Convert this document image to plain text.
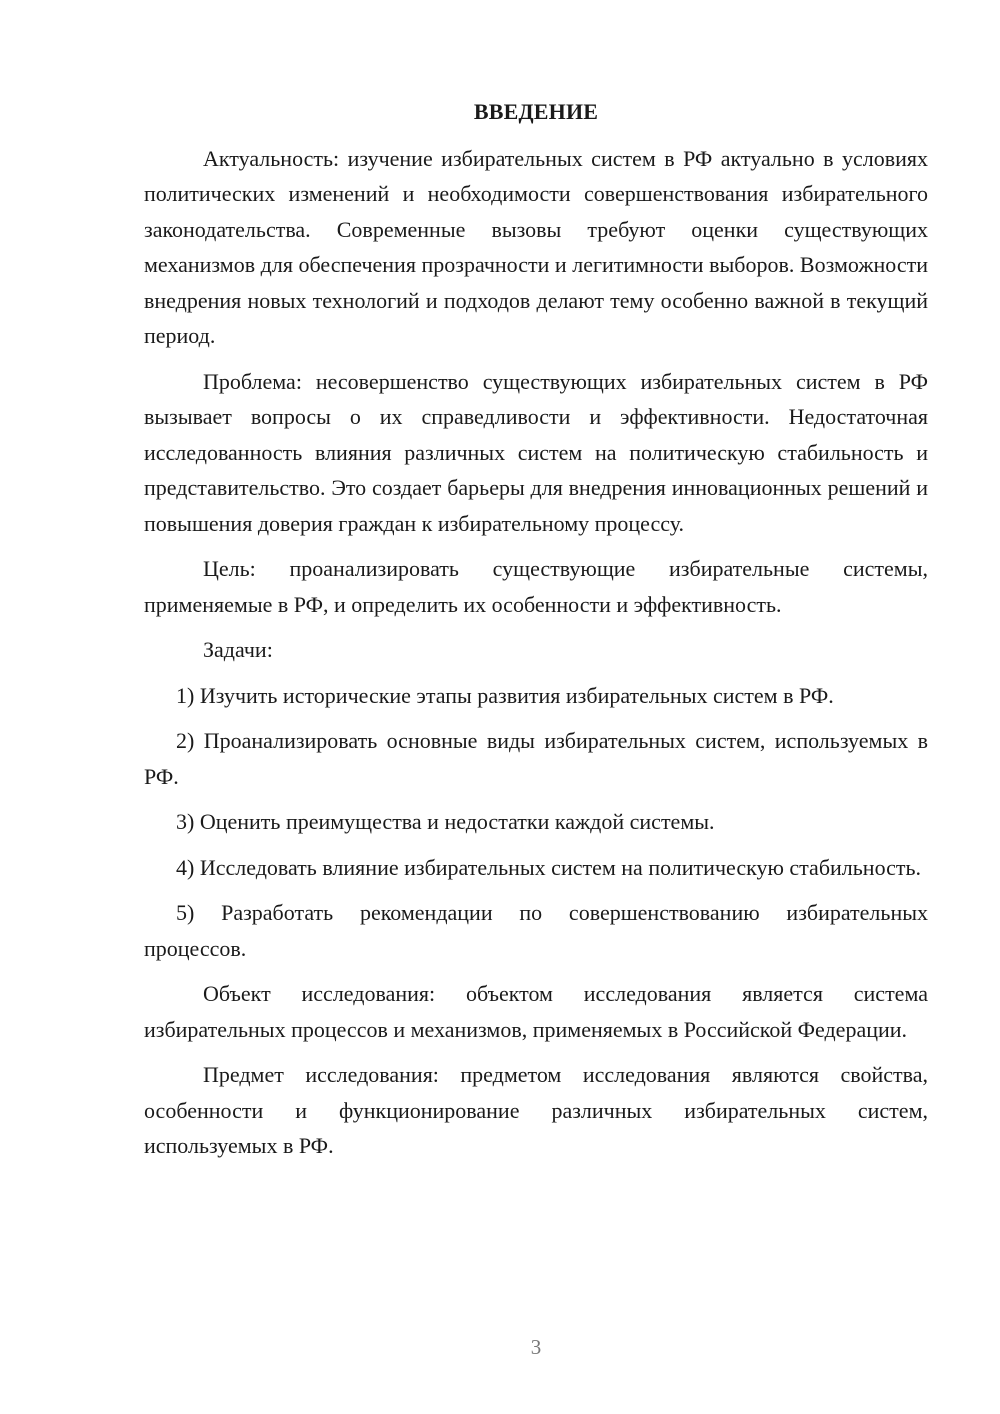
ВВЕДЕНИЕ

Актуальность: изучение избирательных систем в РФ актуально в условиях политических изменений и необходимости совершенствования избирательного законодательства. Современные вызовы требуют оценки существующих механизмов для обеспечения прозрачности и легитимности выборов. Возможности внедрения новых технологий и подходов делают тему особенно важной в текущий период.

Проблема: несовершенство существующих избирательных систем в РФ вызывает вопросы о их справедливости и эффективности. Недостаточная исследованность влияния различных систем на политическую стабильность и представительство. Это создает барьеры для внедрения инновационных решений и повышения доверия граждан к избирательному процессу.

Цель: проанализировать существующие избирательные системы, применяемые в РФ, и определить их особенности и эффективность.

Задачи:

1) Изучить исторические этапы развития избирательных систем в РФ.

2) Проанализировать основные виды избирательных систем, используемых в РФ.

3) Оценить преимущества и недостатки каждой системы.

4) Исследовать влияние избирательных систем на политическую стабильность.

5) Разработать рекомендации по совершенствованию избирательных процессов.

Объект исследования: объектом исследования является система избирательных процессов и механизмов, применяемых в Российской Федерации.

Предмет исследования: предметом исследования являются свойства, особенности и функционирование различных избирательных систем, используемых в РФ.

3
